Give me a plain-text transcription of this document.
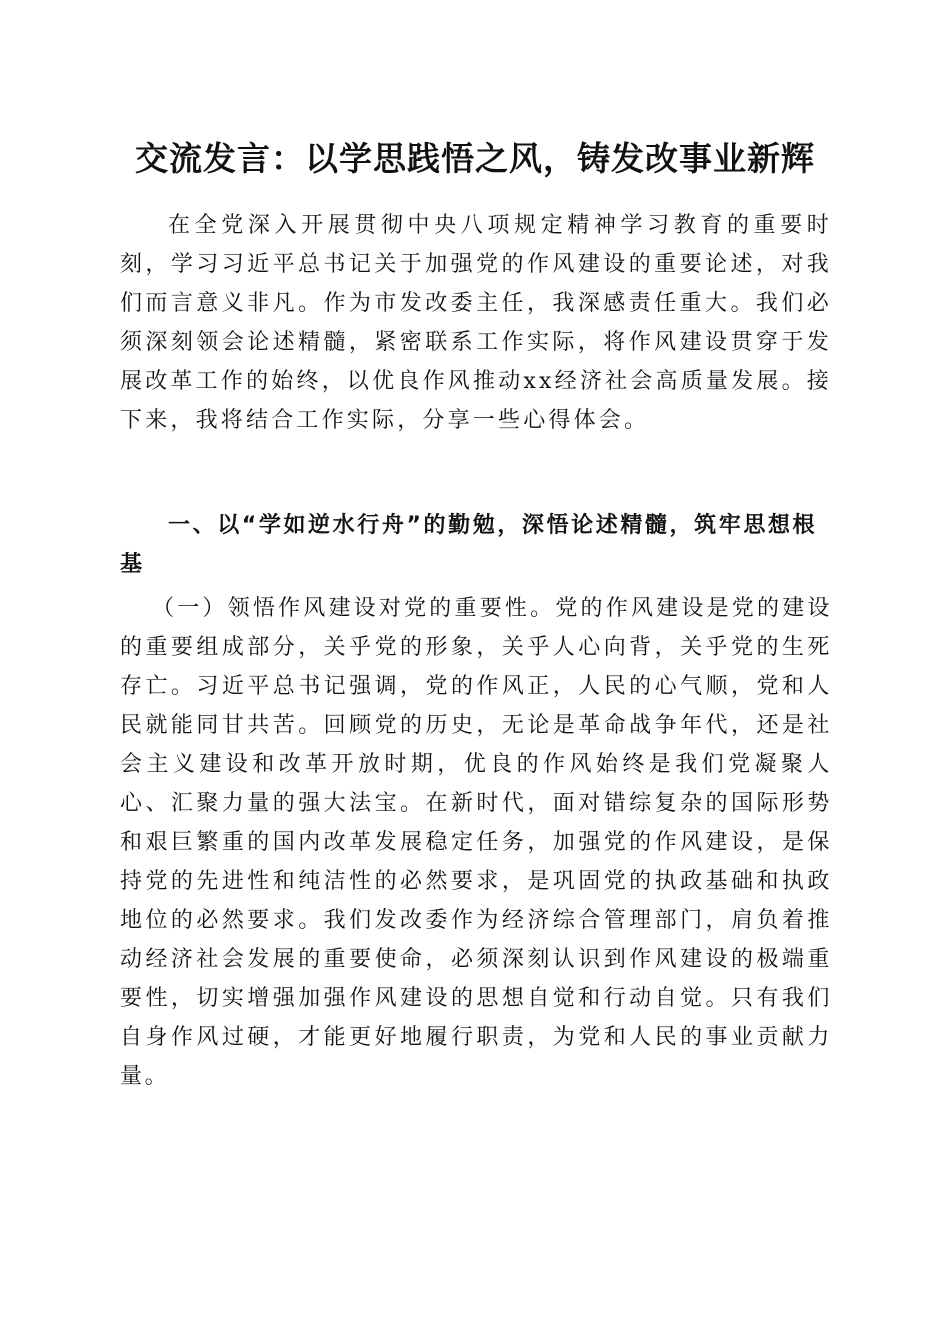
交流发言：以学思践悟之风，铸发改事业新辉

在全党深入开展贯彻中央八项规定精神学习教育的重要时刻，学习习近平总书记关于加强党的作风建设的重要论述，对我们而言意义非凡。作为市发改委主任，我深感责任重大。我们必须深刻领会论述精髓，紧密联系工作实际，将作风建设贯穿于发展改革工作的始终，以优良作风推动xx经济社会高质量发展。接下来，我将结合工作实际，分享一些心得体会。

一、以“学如逆水行舟”的勤勉，深悟论述精髓，筑牢思想根基

（一）领悟作风建设对党的重要性。党的作风建设是党的建设的重要组成部分，关乎党的形象，关乎人心向背，关乎党的生死存亡。习近平总书记强调，党的作风正，人民的心气顺，党和人民就能同甘共苦。回顾党的历史，无论是革命战争年代，还是社会主义建设和改革开放时期，优良的作风始终是我们党凝聚人心、汇聚力量的强大法宝。在新时代，面对错综复杂的国际形势和艰巨繁重的国内改革发展稳定任务，加强党的作风建设，是保持党的先进性和纯洁性的必然要求，是巩固党的执政基础和执政地位的必然要求。我们发改委作为经济综合管理部门，肩负着推动经济社会发展的重要使命，必须深刻认识到作风建设的极端重要性，切实增强加强作风建设的思想自觉和行动自觉。只有我们自身作风过硬，才能更好地履行职责，为党和人民的事业贡献力量。
